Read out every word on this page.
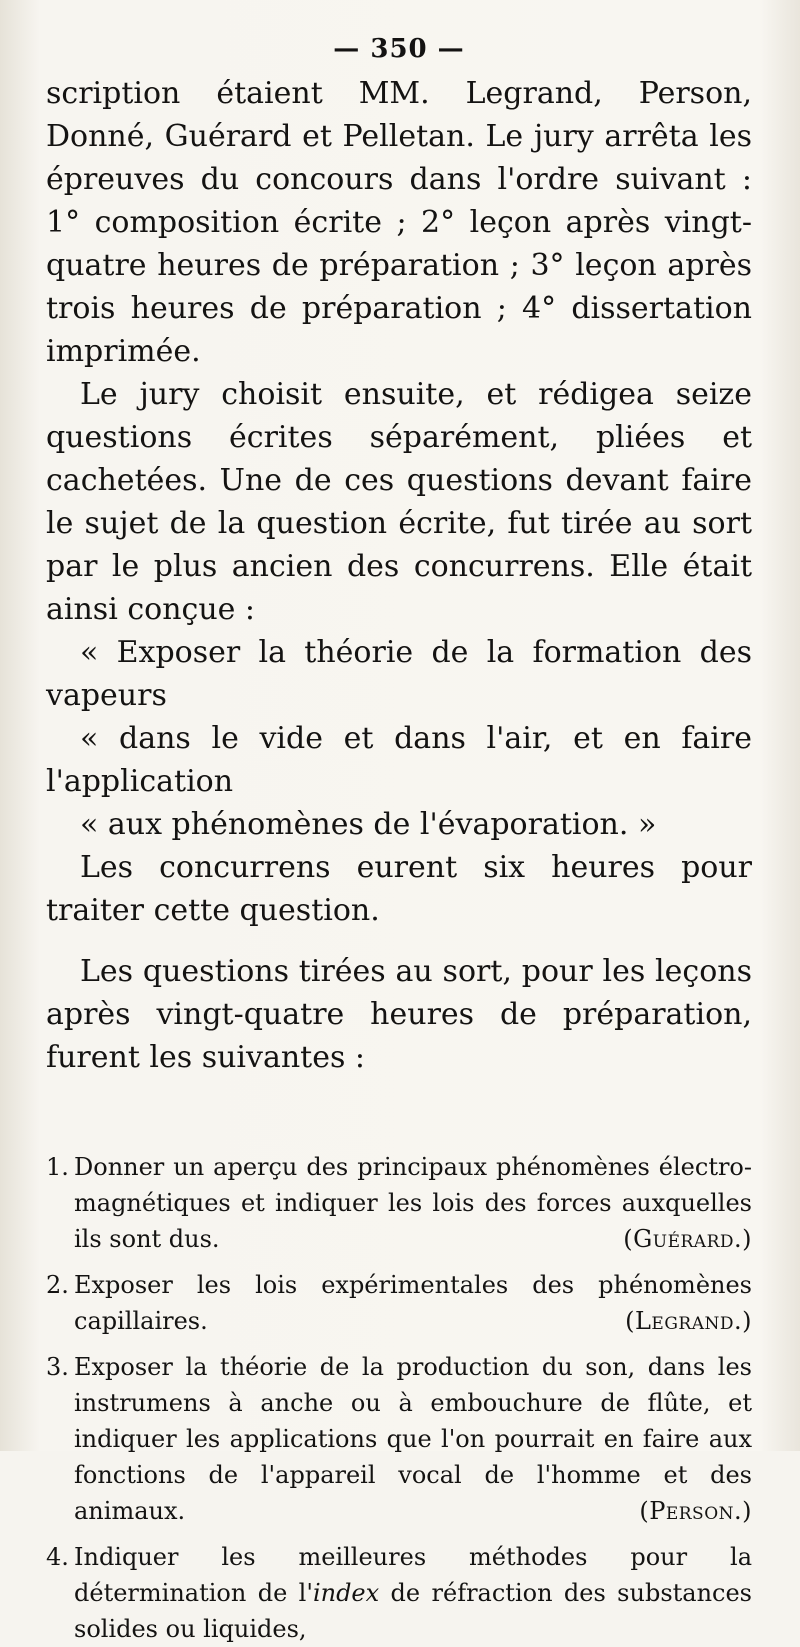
— 350 —

scription étaient MM. Legrand, Person, Donné, Guérard et Pelletan. Le jury arrêta les épreuves du concours dans l'ordre suivant : 1° composition écrite ; 2° leçon après vingt-quatre heures de préparation ; 3° leçon après trois heures de préparation ; 4° dissertation imprimée.

Le jury choisit ensuite, et rédigea seize questions écrites séparément, pliées et cachetées. Une de ces questions devant faire le sujet de la question écrite, fut tirée au sort par le plus ancien des concurrens. Elle était ainsi conçue :

« Exposer la théorie de la formation des vapeurs

« dans le vide et dans l'air, et en faire l'application

« aux phénomènes de l'évaporation. »

Les concurrens eurent six heures pour traiter cette question.

Les questions tirées au sort, pour les leçons après vingt-quatre heures de préparation, furent les suivantes :

1. Donner un aperçu des principaux phénomènes électro-magnétiques et indiquer les lois des forces auxquelles ils sont dus.	(Guérard.)
2. Exposer les lois expérimentales des phénomènes capillaires.	(Legrand.)
3. Exposer la théorie de la production du son, dans les instrumens à anche ou à embouchure de flûte, et indiquer les applications que l'on pourrait en faire aux fonctions de l'appareil vocal de l'homme et des animaux.	(Person.)
4. Indiquer les meilleures méthodes pour la détermination de l'index de réfraction des substances solides ou liquides,
